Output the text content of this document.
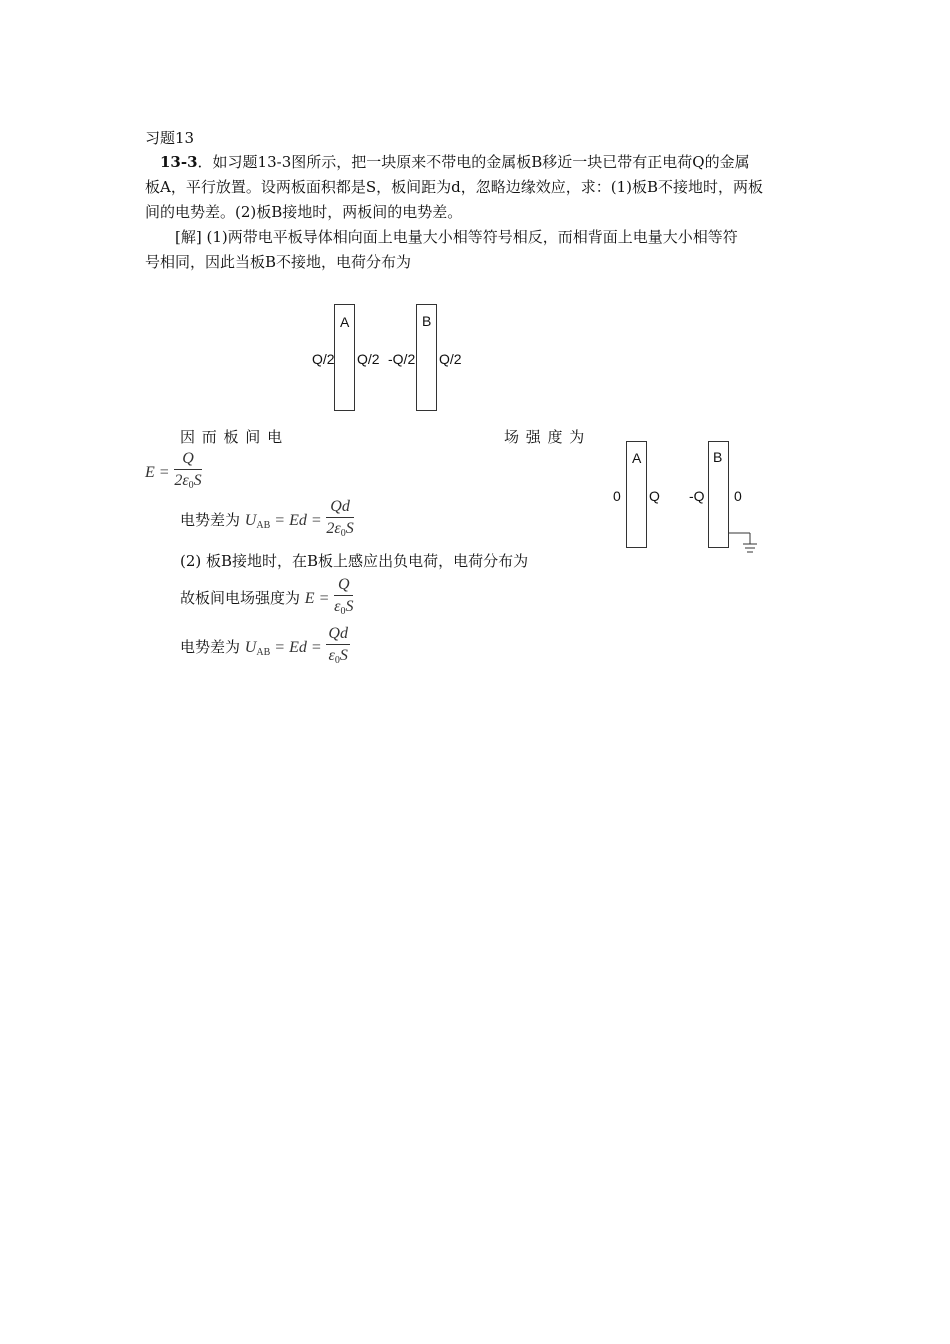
习题13
13-3．如习题13-3图所示，把一块原来不带电的金属板B移近一块已带有正电荷Q的金属
板A，平行放置。设两板面积都是S，板间距为d，忽略边缘效应，求：(1)板B不接地时，两板
间的电势差。(2)板B接地时，两板间的电势差。
[解] (1)两带电平板导体相向面上电量大小相等符号相反，而相背面上电量大小相等符
号相同，因此当板B不接地，电荷分布为
A	B
Q/2 Q/2 -Q/2 Q/2
因 而 板 间 电	场 强 度 为
$E = \frac{Q}{2\varepsilon_0S}$
电势差为 $U_{AB} = Ed = \frac{Qd}{2\varepsilon_0S}$
A	B
0 Q -Q 0
(2) 板B接地时，在B板上感应出负电荷，电荷分布为
故板间电场强度为 $E = \frac{Q}{\varepsilon_0S}$
电势差为 $U_{AB} = Ed = \frac{Qd}{\varepsilon_0S}$
